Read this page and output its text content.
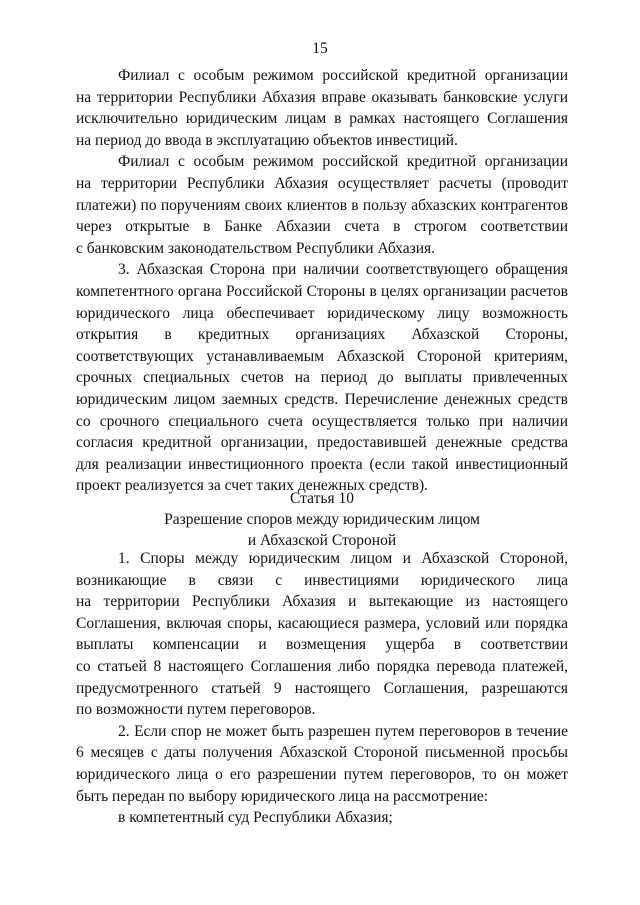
15

Филиал с особым режимом российской кредитной организации
на территории Республики Абхазия вправе оказывать банковские услуги
исключительно юридическим лицам в рамках настоящего Соглашения
на период до ввода в эксплуатацию объектов инвестиций.

Филиал с особым режимом российской кредитной организации
на территории Республики Абхазия осуществляет расчеты (проводит
платежи) по поручениям своих клиентов в пользу абхазских контрагентов
через открытые в Банке Абхазии счета в строгом соответствии
с банковским законодательством Республики Абхазия.

3. Абхазская Сторона при наличии соответствующего обращения
компетентного органа Российской Стороны в целях организации расчетов
юридического лица обеспечивает юридическому лицу возможность
открытия в кредитных организациях Абхазской Стороны,
соответствующих устанавливаемым Абхазской Стороной критериям,
срочных специальных счетов на период до выплаты привлеченных
юридическим лицом заемных средств. Перечисление денежных средств
со срочного специального счета осуществляется только при наличии
согласия кредитной организации, предоставившей денежные средства
для реализации инвестиционного проекта (если такой инвестиционный
проект реализуется за счет таких денежных средств).

Статья 10

Разрешение споров между юридическим лицом
и Абхазской Стороной

1. Споры между юридическим лицом и Абхазской Стороной,
возникающие в связи с инвестициями юридического лица
на территории Республики Абхазия и вытекающие из настоящего
Соглашения, включая споры, касающиеся размера, условий или порядка
выплаты компенсации и возмещения ущерба в соответствии
со статьей 8 настоящего Соглашения либо порядка перевода платежей,
предусмотренного статьей 9 настоящего Соглашения, разрешаются
по возможности путем переговоров.

2. Если спор не может быть разрешен путем переговоров в течение
6 месяцев с даты получения Абхазской Стороной письменной просьбы
юридического лица о его разрешении путем переговоров, то он может
быть передан по выбору юридического лица на рассмотрение:

в компетентный суд Республики Абхазия;
